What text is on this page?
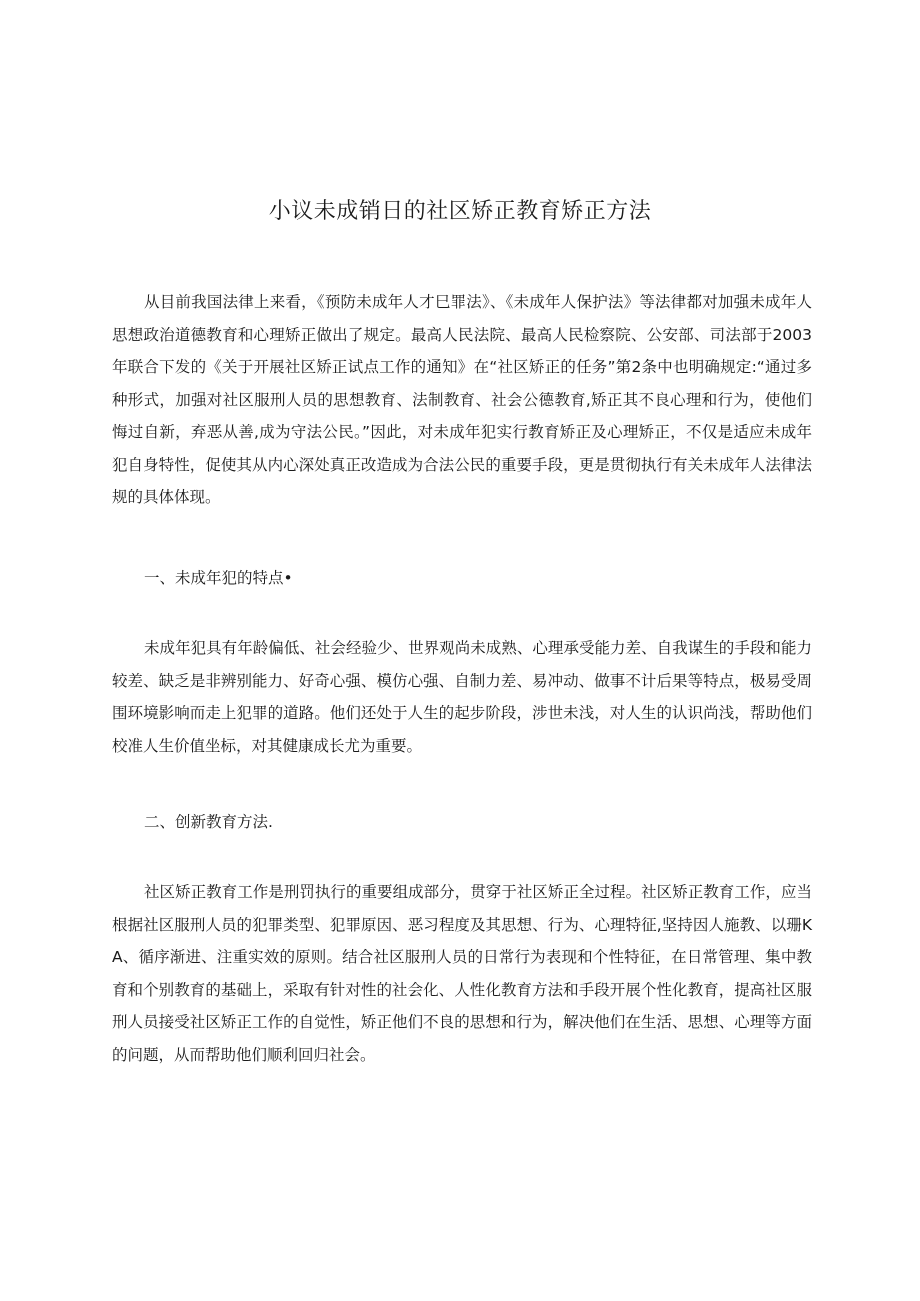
小议未成销日的社区矫正教育矫正方法

从目前我国法律上来看，《预防未成年人才巳罪法》、《未成年人保护法》等法律都对加强未成年人思想政治道德教育和心理矫正做出了规定。最高人民法院、最高人民检察院、公安部、司法部于2003年联合下发的《关于开展社区矫正试点工作的通知》在“社区矫正的任务”第2条中也明确规定:“通过多种形式，加强对社区服刑人员的思想教育、法制教育、社会公德教育,矫正其不良心理和行为，使他们悔过自新，弃恶从善,成为守法公民。”因此，对未成年犯实行教育矫正及心理矫正，不仅是适应未成年犯自身特性，促使其从内心深处真正改造成为合法公民的重要手段，更是贯彻执行有关未成年人法律法规的具体体现。

一、未成年犯的特点•

未成年犯具有年龄偏低、社会经验少、世界观尚未成熟、心理承受能力差、自我谋生的手段和能力较差、缺乏是非辨别能力、好奇心强、模仿心强、自制力差、易冲动、做事不计后果等特点，极易受周围环境影响而走上犯罪的道路。他们还处于人生的起步阶段，涉世未浅，对人生的认识尚浅，帮助他们校准人生价值坐标，对其健康成长尤为重要。

二、创新教育方法.

社区矫正教育工作是刑罚执行的重要组成部分，贯穿于社区矫正全过程。社区矫正教育工作，应当根据社区服刑人员的犯罪类型、犯罪原因、恶习程度及其思想、行为、心理特征,坚持因人施教、以珊KA、循序渐进、注重实效的原则。结合社区服刑人员的日常行为表现和个性特征，在日常管理、集中教育和个别教育的基础上，采取有针对性的社会化、人性化教育方法和手段开展个性化教育，提高社区服刑人员接受社区矫正工作的自觉性，矫正他们不良的思想和行为，解决他们在生活、思想、心理等方面的问题，从而帮助他们顺利回归社会。
